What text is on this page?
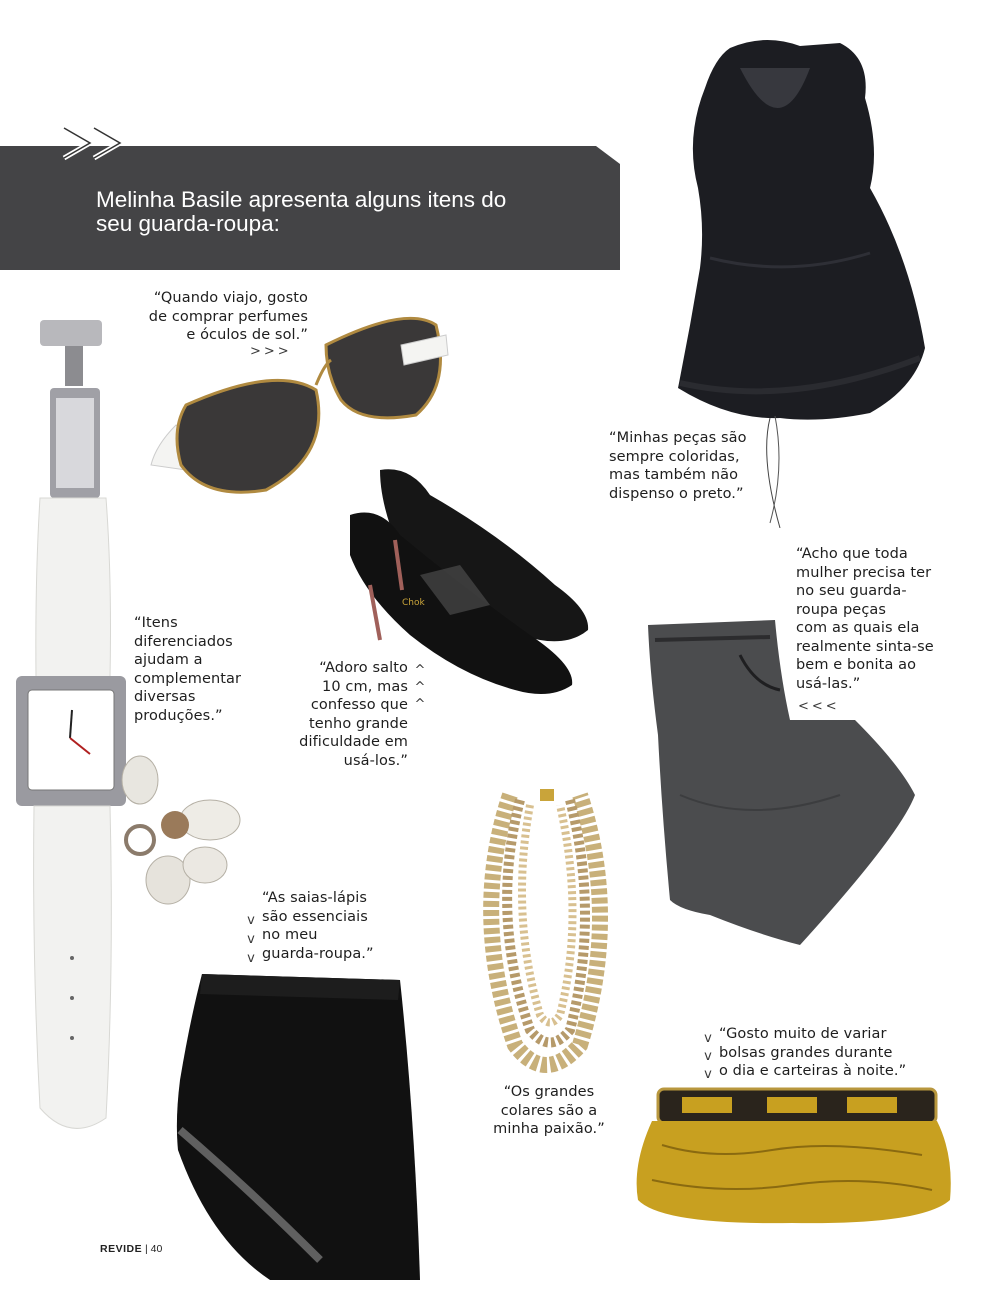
Melinha Basile apresenta alguns itens do
seu guarda-roupa:
Chok
“Quando viajo, gosto
de comprar perfumes
e óculos de sol.”
>>>
“Minhas peças são
sempre coloridas,
mas também não
dispenso o preto.”
“Itens
diferenciados
ajudam a
complementar
diversas
produções.”
“Adoro salto
10 cm, mas
confesso que
tenho grande
dificuldade em
usá-los.”
^
^
^
“Acho que toda
mulher precisa ter
no seu guarda-
roupa peças
com as quais ela
realmente sinta-se
bem e bonita ao
usá-las.”
<<<
“As saias-lápis
são essenciais
no meu
guarda-roupa.”
v
v
v
“Os grandes
colares são a
minha paixão.”
“Gosto muito de variar
bolsas grandes durante
o dia e carteiras à noite.”
v
v
v
REVIDE | 40
